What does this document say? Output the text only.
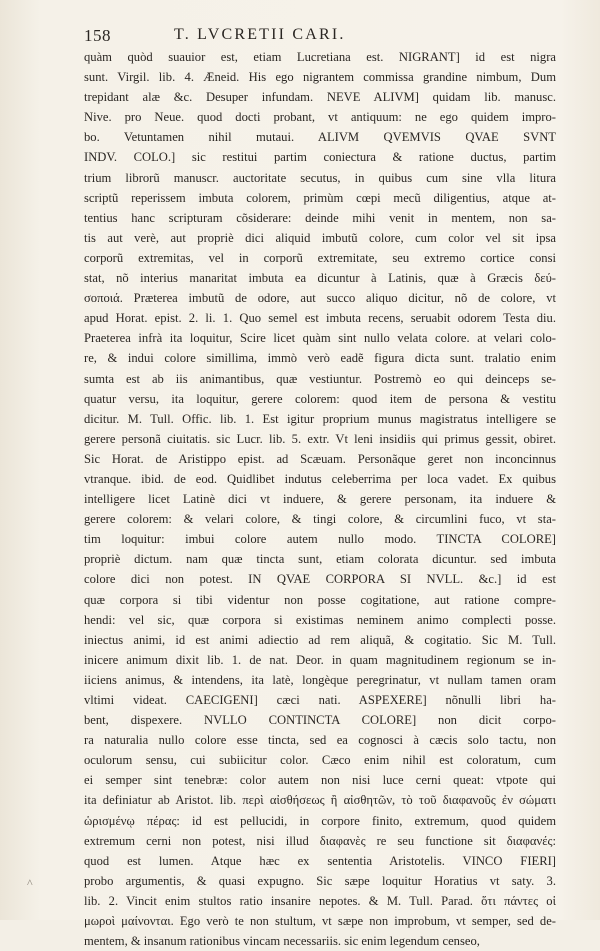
158	T. LVCRETII CARI.
quàm quòd suauior est, etiam Lucretiana est. NIGRANT] id est nigra
sunt. Virgil. lib. 4. Æneid. His ego nigrantem commissa grandine nimbum, Dum
trepidant alæ &c. Desuper infundam. NEVE ALIVM] quidam lib. manusc.
Nive. pro Neue. quod docti probant, vt antiquum: ne ego quidem impro-
bo. Vetuntamen nihil mutaui. ALIVM QVEMVIS QVAE SVNT
INDV. COLO.] sic restitui partim coniectura & ratione ductus, partim
trium librorũ manuscr. auctoritate secutus, in quibus cum sine vlla litura
scriptũ reperissem imbuta colorem, primùm cœpi mecũ diligentius, atque at-
tentius hanc scripturam cõsiderare: deinde mihi venit in mentem, non sa-
tis aut verè, aut propriè dici aliquid imbutũ colore, cum color vel sit ipsa
corporũ extremitas, vel in corporũ extremitate, seu extremo cortice consi
stat, nõ interius manaritat imbuta ea dicuntur à Latinis, quæ à Græcis δεύ-
σοποιά. Præterea imbutũ de odore, aut succo aliquo dicitur, nõ de colore, vt
apud Horat. epist. 2. li. 1. Quo semel est imbuta recens, seruabit odorem Testa diu.
Praeterea infrà ita loquitur, Scire licet quàm sint nullo velata colore. at velari colo-
re, & indui colore simillima, immò verò eadẽ figura dicta sunt. tralatio enim
sumta est ab iis animantibus, quæ vestiuntur. Postremò eo qui deinceps se-
quatur versu, ita loquitur, gerere colorem: quod item de persona & vestitu
dicitur. M. Tull. Offic. lib. 1. Est igitur proprium munus magistratus intelligere se
gerere personã ciuitatis. sic Lucr. lib. 5. extr. Vt leni insidiis qui primus gessit, obiret.
Sic Horat. de Aristippo epist. ad Scæuam. Personãque geret non inconcinnus
vtranque. ibid. de eod. Quidlibet indutus celeberrima per loca vadet. Ex quibus
intelligere licet Latinè dici vt induere, & gerere personam, ita induere &
gerere colorem: & velari colore, & tingi colore, & circumlini fuco, vt sta-
tim loquitur: imbui colore autem nullo modo. TINCTA COLORE]
propriè dictum. nam quæ tincta sunt, etiam colorata dicuntur. sed imbuta
colore dici non potest. IN QVAE CORPORA SI NVLL. &c.] id est
quæ corpora si tibi videntur non posse cogitatione, aut ratione compre-
hendi: vel sic, quæ corpora si existimas neminem animo complecti posse.
iniectus animi, id est animi adiectio ad rem aliquã, & cogitatio. Sic M. Tull.
inicere animum dixit lib. 1. de nat. Deor. in quam magnitudinem regionum se in-
iiciens animus, & intendens, ita latè, longèque peregrinatur, vt nullam tamen oram
vltimi videat. CAECIGENI] cæci nati. ASPEXERE] nõnulli libri ha-
bent, dispexere. NVLLO CONTINCTA COLORE] non dicit corpo-
ra naturalia nullo colore esse tincta, sed ea cognosci à cæcis solo tactu, non
oculorum sensu, cui subiicitur color. Cæco enim nihil est coloratum, cum
ei semper sint tenebræ: color autem non nisi luce cerni queat: vtpote qui
ita definiatur ab Aristot. lib. περὶ αἰσθήσεως ἢ αἰσθητῶν, τὸ τοῦ διαφανοῦς ἐν σώματι
ὡρισμένῳ πέρας: id est pellucidi, in corpore finito, extremum, quod quidem
extremum cerni non potest, nisi illud διαφανὲς re seu functione sit διαφανές:
quod est lumen. Atque hæc ex sententia Aristotelis. VINCO FIERI]
probo argumentis, & quasi expugno. Sic sæpe loquitur Horatius vt saty. 3.
lib. 2. Vincit enim stultos ratio insanire nepotes. & M. Tull. Parad. ὅτι πάντες οἱ
μωροὶ μαίνονται. Ego verò te non stultum, vt sæpe non improbum, vt semper, sed de-
mentem, & insanum rationibus vincam necessariis. sic enim legendum censeo,
^
